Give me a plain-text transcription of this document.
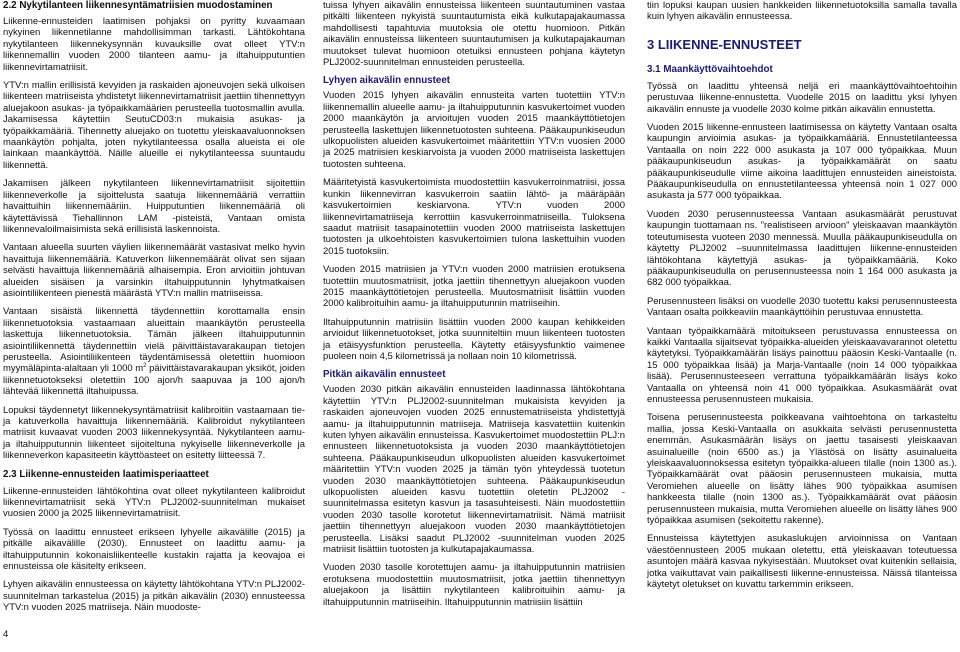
2.2 Nykytilanteen liikennesyntämatriisien muodostaminen

Liikenne-ennusteiden laatimisen pohjaksi on pyritty kuvaamaan nykyinen liikennetilanne mahdollisimman tarkasti. Lähtökohtana nykytilanteen liikennekysynnän kuvauksille ovat olleet YTV:n liikennemallin vuoden 2000 tilanteen aamu- ja iltahuipputuntien liikennevirtamatriisit.

YTV:n mallin erillisistä kevyiden ja raskaiden ajoneuvojen sekä ulkoisen liikenteen matriiseista yhdistetyt liikennevirtamatriisit jaettiin tihennettyyn aluejakoon asukas- ja työpaikkamäärien perusteella tuotosmallin avulla. Jakamisessa käytettiin SeutuCD03:n mukaisia asukas- ja työpaikkamääriä. Tihennetty aluejako on tuotettu yleiskaavaluonnoksen maankäytön pohjalta, joten nykytilanteessa osalla alueista ei ole lainkaan maankäyttöä. Näille alueille ei nykytilanteessa suuntaudu liikennettä.

Jakamisen jälkeen nykytilanteen liikennevirtamatriisit sijoitettiin liikenneverkolle ja sijoittelusta saatuja liikennemääriä verrattiin havaittuihin liikennemääriin. Huipputuntien liikennemääriä oli käytettävissä Tiehallinnon LAM -pisteistä, Vantaan omista liikennevaloilmaisimista sekä erillisistä laskennoista.

Vantaan alueella suurten väylien liikennemäärät vastasivat melko hyvin havaittuja liikennemääriä. Katuverkon liikennemäärät olivat sen sijaan selvästi havaittuja liikennemääriä alhaisempia. Eron arvioitiin johtuvan alueiden sisäisen ja varsinkin iltahuipputunnin lyhytmatkaisen asiointiliikenteen pienestä määrästä YTV:n mallin matriiseissa.

Vantaan sisäistä liikennettä täydennettiin korottamalla ensin liikennetuotoksia vastaamaan alueittain maankäytön perusteella laskettuja liikennetuotoksia. Tämän jälkeen iltahuipputunnin asiointiliikennettä täydennettiin vielä päivittäistavarakaupan tietojen perusteella. Asiointiliikenteen täydentämisessä oletettiin huomioon myymäläpinta-alaltaan yli 1000 $m^2$ päivittäistavarakaupan yksiköt, joiden liikennetuotokseksi oletettiin 100 ajon/h saapuvaa ja 100 ajon/h lähtevää liikennettä iltahuipussa.

Lopuksi täydennetyt liikennekysyntämatriisit kalibroitiin vastaamaan tie- ja katuverkolla havaittuja liikennemääriä. Kalibroidut nykytilanteen matriisit kuvaavat vuoden 2003 liikennekysyntää. Nykytilanteen aamu- ja iltahuipputunnin liikenteet sijoiteltuna nykyiselle liikenneverkolle ja liikenneverkon kapasiteetin käyttöasteet on esitetty liitteessä 7.

2.3 Liikenne-ennusteiden laatimisperiaatteet

Liikenne-ennusteiden lähtökohtina ovat olleet nykytilanteen kalibroidut liikennevirtamatriisit sekä YTV:n PLJ2002-suunnitelman mukaiset vuosien 2000 ja 2025 liikennevirtamatriisit.

Työssä on laadittu ennusteet erikseen lyhyelle aikavälille (2015) ja pitkälle aikavälille (2030). Ennusteet on laadittu aamu- ja iltahuipputunnin kokonaisliikenteelle kustakin rajatta ja keovajoa ei ennusteissa ole käsitelty erikseen.

Lyhyen aikavälin ennusteessa on käytetty lähtökohtana YTV:n PLJ2002-suunnitelman tarkastelua (2015) ja pitkän aikavälin (2030) ennusteessa YTV:n vuoden 2025 matriiseja. Näin muodoste-

tuissa lyhyen aikavälin ennusteissa liikenteen suuntautuminen vastaa pitkälti liikenteen nykyistä suuntautumista eikä kulkutapajakaumassa mahdollisesti tapahtuvia muutoksia ole otettu huomioon. Pitkän aikavälin ennusteissa liikenteen suuntautumisen ja kulkutapajakauman muutokset tulevat huomioon otetuiksi ennusteen pohjana käytetyn PLJ2002-suunnitelman ennusteiden perusteella.

Lyhyen aikavälin ennusteet

Vuoden 2015 lyhyen aikavälin ennusteita varten tuotettiin YTV:n liikennemallin alueelle aamu- ja iltahuipputunnin kasvukertoimet vuoden 2000 maankäytön ja arvioitujen vuoden 2015 maankäyttötietojen perusteella laskettujen liikennetuotosten suhteena. Pääkaupunkiseudun ulkopuolisten alueiden kasvukertoimet määritettiin YTV:n vuosien 2000 ja 2025 matriisien keskiarvoista ja vuoden 2000 matriiseista laskettujen tuotosten suhteena.

Määritetyistä kasvukertoimista muodostettiin kasvukerroinmatriisi, jossa kunkin liikennevirran kasvukerroin saatiin lähtö- ja määräpään kasvukertoimien keskiarvona. YTV:n vuoden 2000 liikennevirtamatriiseja kerrottiin kasvukerroinmatriiseilla. Tuloksena saadut matriisit tasapainotettiin vuoden 2000 matriiseista laskettujen tuotosten ja ulkoehtoisten kasvukertoimien tulona laskettuihin vuoden 2015 tuotoksiin.

Vuoden 2015 matriisien ja YTV:n vuoden 2000 matriisien erotuksena tuotettiin muutosmatriisit, jotka jaettiin tihennettyyn aluejakoon vuoden 2015 maankäyttötietojen perusteella. Muutosmatriisit lisättiin vuoden 2000 kalibroituihin aamu- ja iltahuipputunnin matriiseihin.

Iltahuipputunnin matriisiin lisättiin vuoden 2000 kaupan kehikkeiden arvioidut liikennetuotokset, jotka suunniteltiin muun liikenteen tuotosten ja etäisyysfunktion perusteella. Käytetty etäisyysfunktio vaimenee puoleen noin 4,5 kilometrissä ja nollaan noin 10 kilometrissä.

Pitkän aikavälin ennusteet

Vuoden 2030 pitkän aikavälin ennusteiden laadinnassa lähtökohtana käytettiin YTV:n PLJ2002-suunnitelman mukaisista kevyiden ja raskaiden ajoneuvojen vuoden 2025 ennustematriiseista yhdistettyjä aamu- ja iltahuipputunnin matriiseja. Matriiseja kasvatettiin kuitenkin kuten lyhyen aikavälin ennusteissa. Kasvukertoimet muodostettiin PLJ:n ennusteen liikennetuotoksista ja vuoden 2030 maankäyttötietojen suhteena. Pääkaupunkiseudun ulkopuolisten alueiden kasvukertoimet määritettiin YTV:n vuoden 2025 ja tämän työn yhteydessä tuotetun vuoden 2030 maankäyttötietojen suhteena. Pääkaupunkiseudun ulkopuolisten alueiden kasvu tuotettiin oletetin PLJ2002 -suunnitelmassa esitetyn kasvun ja tasasuhteisesti. Näin muodostettiin vuoden 2030 tasolle korotetut liikennevirtamatriisit. Nämä matriisit jaettiin tihennettyyn aluejakoon vuoden 2030 maankäyttötietojen perusteella. Lisäksi saadut PLJ2002 -suunnitelman vuoden 2025 matriisit lisättiin tuotosten ja kulkutapajakaumassa.

Vuoden 2030 tasolle korotettujen aamu- ja iltahuipputunnin matriisien erotuksena muodostettiin muutosmatriisit, jotka jaettiin tihennettyyn aluejakoon ja lisättiin nykytilanteen kalibroituihin aamu- ja iltahuipputunnin matriiseihin. Iltahuipputunnin matriisiin lisättiin

tiin lopuksi kaupan uusien hankkeiden liikennetuotoksilla samalla tavalla kuin lyhyen aikavälin ennusteessa.

3 LIIKENNE-ENNUSTEET
3.1 Maankäyttövaihtoehdot

Työssä on laadittu yhteensä neljä eri maankäyttövaihtoehtoihin perustuvaa liikenne-ennustetta. Vuodelle 2015 on laadittu yksi lyhyen aikavälin ennuste ja vuodelle 2030 kolme pitkän aikavälin ennustetta.

Vuoden 2015 liikenne-ennusteen laatimisessa on käytetty Vantaan osalta kaupungin arvioimia asukas- ja työpaikkamääriä. Ennustetilanteessa Vantaalla on noin 222 000 asukasta ja 107 000 työpaikkaa. Muun pääkaupunkiseudun asukas- ja työpaikkamäärät on saatu pääkaupunkiseudulle viime aikoina laadittujen ennusteiden aineistoista. Pääkaupunkiseudulla on ennustetilanteessa yhteensä noin 1 027 000 asukasta ja 577 000 työpaikkaa.

Vuoden 2030 perusennusteessa Vantaan asukasmäärät perustuvat kaupungin tuottamaan ns. "realistiseen arvioon" yleiskaavan maankäytön toteutumisesta vuoteen 2030 mennessä. Muulla pääkaupunkiseudulla on käytetty PLJ2002 –suunnitelmassa laadittujen liikenne-ennusteiden lähtökohtana käytettyjä asukas- ja työpaikkamääriä. Koko pääkaupunkiseudulla on perusennusteessa noin 1 164 000 asukasta ja 682 000 työpaikkaa.

Perusennusteen lisäksi on vuodelle 2030 tuotettu kaksi perusennusteesta Vantaan osalta poikkeaviin maankäyttöihin perustuvaa ennustetta.

Vantaan työpaikkamäärä mitoitukseen perustuvassa ennusteessa on kaikki Vantaalla sijaitsevat työpaikka-alueiden yleiskaavavarannot oletettu käytetyksi. Työpaikkamäärän lisäys painottuu pääosin Keski-Vantaalle (n. 15 000 työpaikkaa lisää) ja Marja-Vantaalle (noin 14 000 työpaikkaa lisää). Perusennusteeseen verrattuna työpaikkamäärän lisäys koko Vantaalla on yhteensä noin 41 000 työpaikkaa. Asukasmäärät ovat ennusteessa perusennusteen mukaisia.

Toisena perusennusteesta poikkeavana vaihtoehtona on tarkasteltu mallia, jossa Keski-Vantaalla on asukkaita selvästi perusennustetta enemmän. Asukasmäärän lisäys on jaettu tasaisesti yleiskaavan asuinalueille (noin 6500 as.) ja Ylästösä on lisätty asuinalueita yleiskaavaluonnoksessa esitetyn työpaikka-alueen tilalle (noin 1300 as.). Työpaikkamäärät ovat pääosin perusennusteen mukaisia, mutta Veromiehen alueelle on lisätty lähes 900 työpaikkaa asumisen hankkeesta tilalle (noin 1300 as.). Työpaikkamäärät ovat pääosin perusennusteen mukaisia, mutta Veromiehen alueelle on lisätty lähes 900 työpaikkaa asumisen (sekoitettu rakenne).

Ennusteissa käytettyjen asukaslukujen arvioinnissa on Vantaan väestöennusteen 2005 mukaan oletettu, että yleiskaavan toteutuessa asuntojen määrä kasvaa nykyisestään. Muutokset ovat kuitenkin sellaisia, jotka vaikuttavat vain paikallisesti liikenne-ennusteissa. Näissä tilanteissa käytetyt oletukset on kuvattu tarkemmin erikseen.

4
